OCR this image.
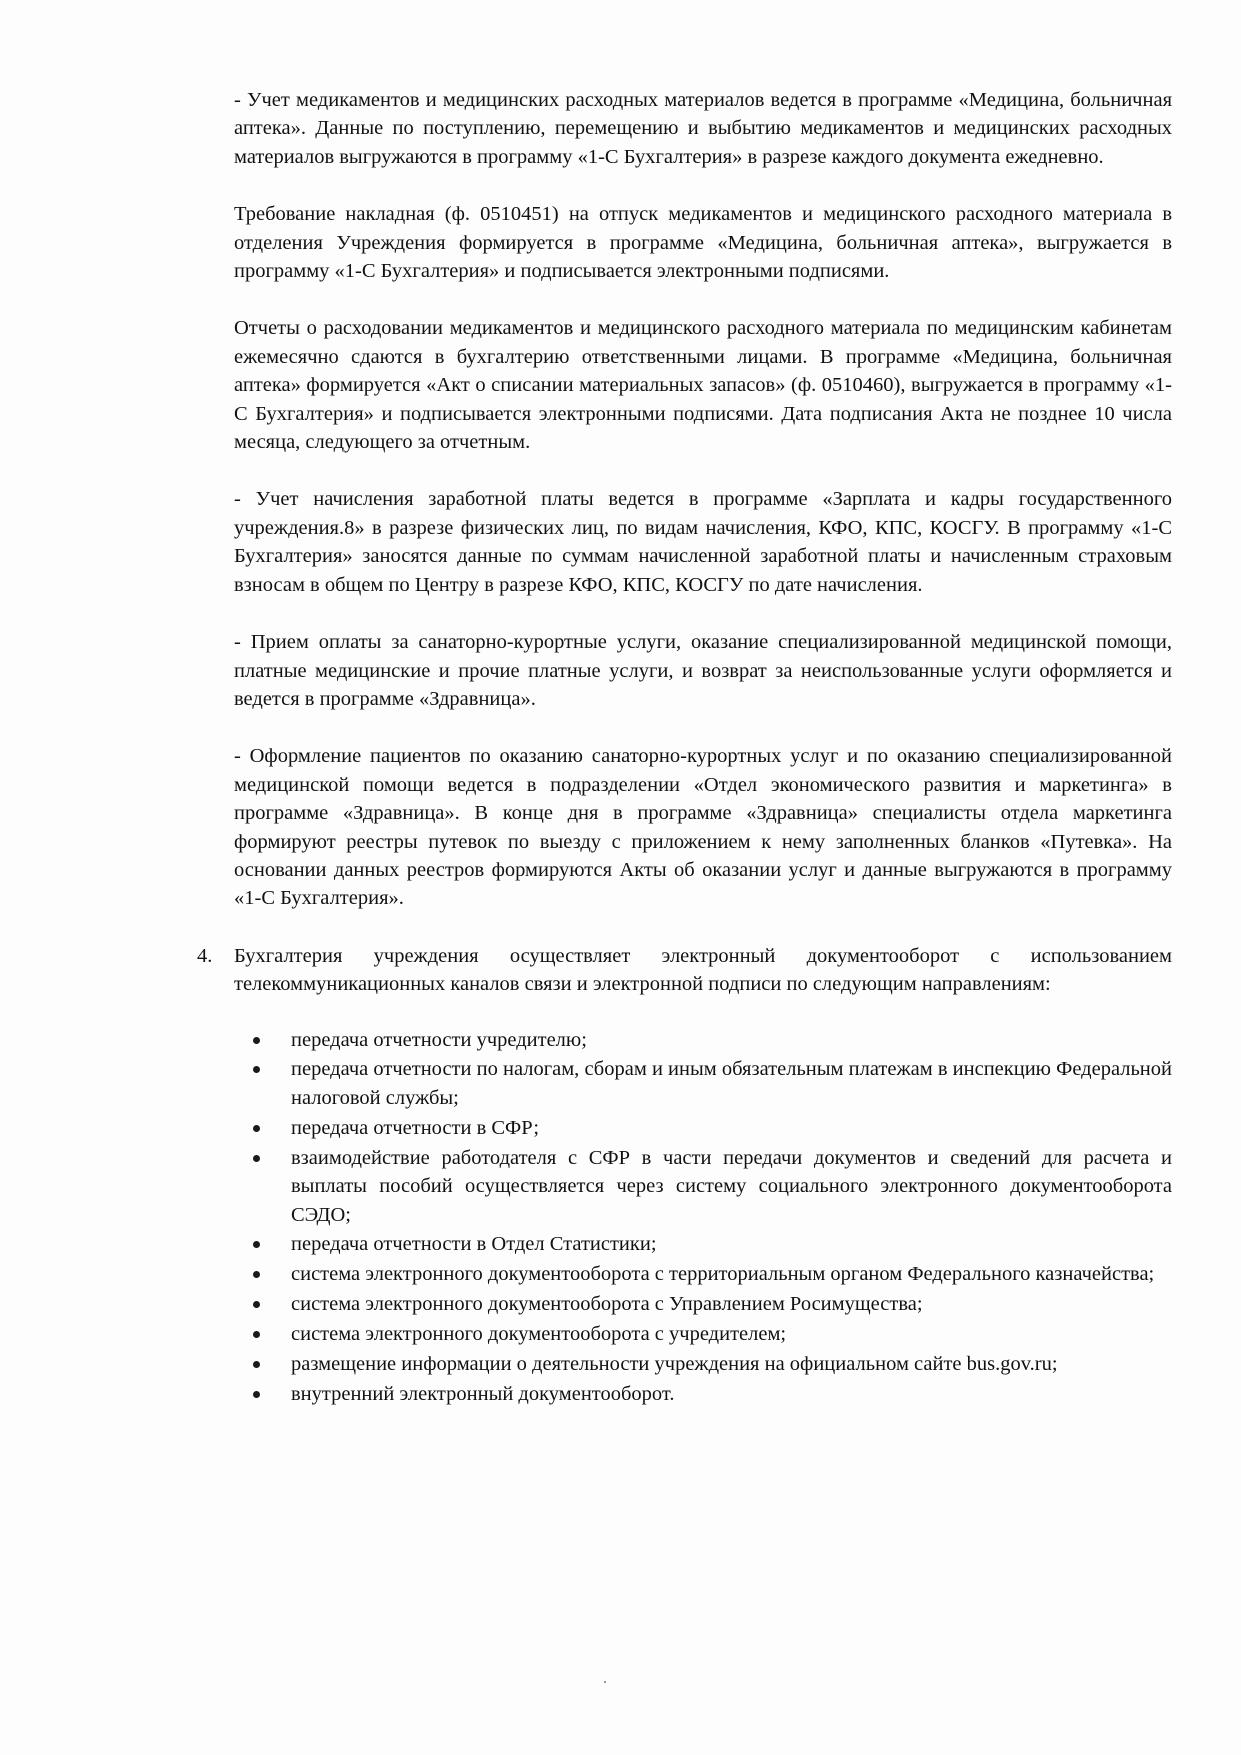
- Учет медикаментов и медицинских расходных материалов ведется в программе «Медицина, больничная аптека». Данные по поступлению, перемещению и выбытию медикаментов и медицинских расходных материалов выгружаются в программу «1-С Бухгалтерия» в разрезе каждого документа ежедневно.

Требование накладная (ф. 0510451) на отпуск медикаментов и медицинского расходного материала в отделения Учреждения формируется в программе «Медицина, больничная аптека», выгружается в программу «1-С Бухгалтерия» и подписывается электронными подписями.

Отчеты о расходовании медикаментов и медицинского расходного материала по медицинским кабинетам ежемесячно сдаются в бухгалтерию ответственными лицами. В программе «Медицина, больничная аптека» формируется «Акт о списании материальных запасов» (ф. 0510460), выгружается в программу «1-С Бухгалтерия» и подписывается электронными подписями. Дата подписания Акта не позднее 10 числа месяца, следующего за отчетным.

- Учет начисления заработной платы ведется в программе «Зарплата и кадры государственного учреждения.8» в разрезе физических лиц, по видам начисления, КФО, КПС, КОСГУ. В программу «1-С Бухгалтерия» заносятся данные по суммам начисленной заработной платы и начисленным страховым взносам в общем по Центру в разрезе КФО, КПС, КОСГУ по дате начисления.

- Прием оплаты за санаторно-курортные услуги, оказание специализированной медицинской помощи, платные медицинские и прочие платные услуги, и возврат за неиспользованные услуги оформляется и ведется в программе «Здравница».

- Оформление пациентов по оказанию санаторно-курортных услуг и по оказанию специализированной медицинской помощи ведется в подразделении «Отдел экономического развития и маркетинга» в программе «Здравница». В конце дня в программе «Здравница» специалисты отдела маркетинга формируют реестры путевок по выезду с приложением к нему заполненных бланков «Путевка». На основании данных реестров формируются Акты об оказании услуг и данные выгружаются в программу «1-С Бухгалтерия».

4. Бухгалтерия учреждения осуществляет электронный документооборот с использованием телекоммуникационных каналов связи и электронной подписи по следующим направлениям:
передача отчетности учредителю;
передача отчетности по налогам, сборам и иным обязательным платежам в инспекцию Федеральной налоговой службы;
передача отчетности в СФР;
взаимодействие работодателя с СФР в части передачи документов и сведений для расчета и выплаты пособий осуществляется через систему социального электронного документооборота СЭДО;
передача отчетности в Отдел Статистики;
система электронного документооборота с территориальным органом Федерального казначейства;
система электронного документооборота с Управлением Росимущества;
система электронного документооборота с учредителем;
размещение информации о деятельности учреждения на официальном сайте bus.gov.ru;
внутренний электронный документооборот.
